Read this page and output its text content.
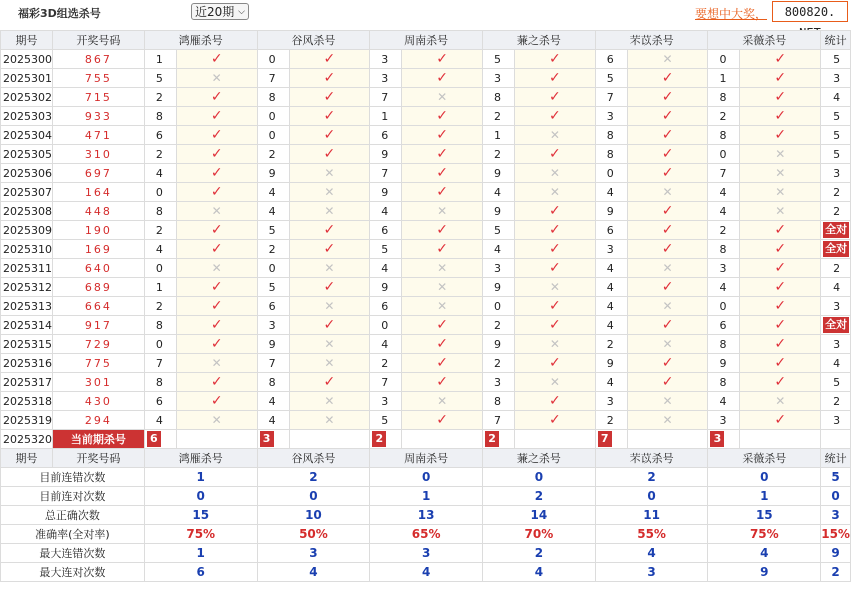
福彩3D组选杀号	近20期 ⌵	要想中大奖，	800820.
期号	开奖号码	鸿雁杀号		谷风杀号		周南杀号		蒹之杀号		芣苡杀号		采薇杀号		统计
2025300	867	1	✓	0	✓	3	✓	5	✓	6	✕	0	✓	5
2025301	755	5	✕	7	✓	3	✓	3	✓	5	✓	1	✓	3
2025302	715	2	✓	8	✓	7	✕	8	✓	7	✓	8	✓	4
2025303	933	8	✓	0	✓	1	✓	2	✓	3	✓	2	✓	5
2025304	471	6	✓	0	✓	6	✓	1	✕	8	✓	8	✓	5
2025305	310	2	✓	2	✓	9	✓	2	✓	8	✓	0	✕	5
2025306	697	4	✓	9	✕	7	✓	9	✕	0	✓	7	✕	3
2025307	164	0	✓	4	✕	9	✓	4	✕	4	✕	4	✕	2
2025308	448	8	✕	4	✕	4	✕	9	✓	9	✓	4	✕	2
2025309	190	2	✓	5	✓	6	✓	5	✓	6	✓	2	✓	全对
2025310	169	4	✓	2	✓	5	✓	4	✓	3	✓	8	✓	全对
2025311	640	0	✕	0	✕	4	✕	3	✓	4	✕	3	✓	2
2025312	689	1	✓	5	✓	9	✕	9	✕	4	✓	4	✓	4
2025313	664	2	✓	6	✕	6	✕	0	✓	4	✕	0	✓	3
2025314	917	8	✓	3	✓	0	✓	2	✓	4	✓	6	✓	全对
2025315	729	0	✓	9	✕	4	✓	9	✕	2	✕	8	✓	3
2025316	775	7	✕	7	✕	2	✓	2	✓	9	✓	9	✓	4
2025317	301	8	✓	8	✓	7	✓	3	✕	4	✓	8	✓	5
2025318	430	6	✓	4	✕	3	✕	8	✓	3	✕	4	✕	2
2025319	294	4	✕	4	✕	5	✓	7	✓	2	✕	3	✓	3
2025320	当前期杀号	6		3		2		2		7		3		
期号	开奖号码	鸿雁杀号		谷风杀号		周南杀号		蒹之杀号		芣苡杀号		采薇杀号		统计
目前连错次数		1		2		0		0		2		0		5
目前连对次数		0		0		1		2		0		1		0
总正确次数		15		10		13		14		11		15		3
准确率(全对率)		75%		50%		65%		70%		55%		75%		15%
最大连错次数		1		3		3		2		4		4		9
最大连对次数		6		4		4		4		3		9		2
